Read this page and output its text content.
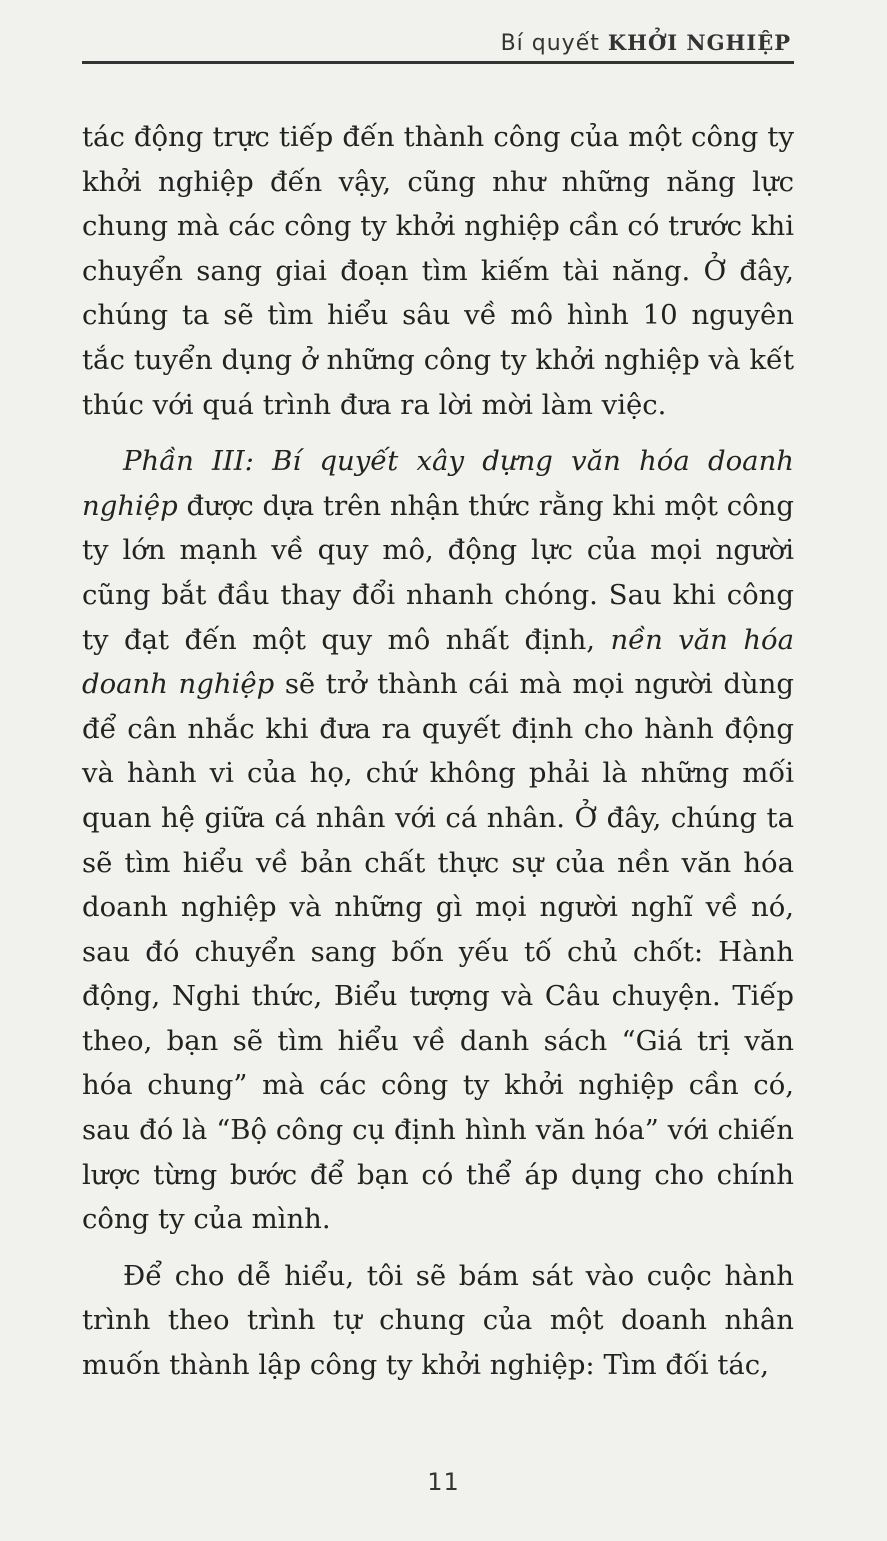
Bí quyết KHỞI NGHIỆP

tác động trực tiếp đến thành công của một công ty khởi nghiệp đến vậy, cũng như những năng lực chung mà các công ty khởi nghiệp cần có trước khi chuyển sang giai đoạn tìm kiếm tài năng. Ở đây, chúng ta sẽ tìm hiểu sâu về mô hình 10 nguyên tắc tuyển dụng ở những công ty khởi nghiệp và kết thúc với quá trình đưa ra lời mời làm việc.

Phần III: Bí quyết xây dựng văn hóa doanh nghiệp được dựa trên nhận thức rằng khi một công ty lớn mạnh về quy mô, động lực của mọi người cũng bắt đầu thay đổi nhanh chóng. Sau khi công ty đạt đến một quy mô nhất định, nền văn hóa doanh nghiệp sẽ trở thành cái mà mọi người dùng để cân nhắc khi đưa ra quyết định cho hành động và hành vi của họ, chứ không phải là những mối quan hệ giữa cá nhân với cá nhân. Ở đây, chúng ta sẽ tìm hiểu về bản chất thực sự của nền văn hóa doanh nghiệp và những gì mọi người nghĩ về nó, sau đó chuyển sang bốn yếu tố chủ chốt: Hành động, Nghi thức, Biểu tượng và Câu chuyện. Tiếp theo, bạn sẽ tìm hiểu về danh sách “Giá trị văn hóa chung” mà các công ty khởi nghiệp cần có, sau đó là “Bộ công cụ định hình văn hóa” với chiến lược từng bước để bạn có thể áp dụng cho chính công ty của mình.

Để cho dễ hiểu, tôi sẽ bám sát vào cuộc hành trình theo trình tự chung của một doanh nhân muốn thành lập công ty khởi nghiệp: Tìm đối tác,

11
